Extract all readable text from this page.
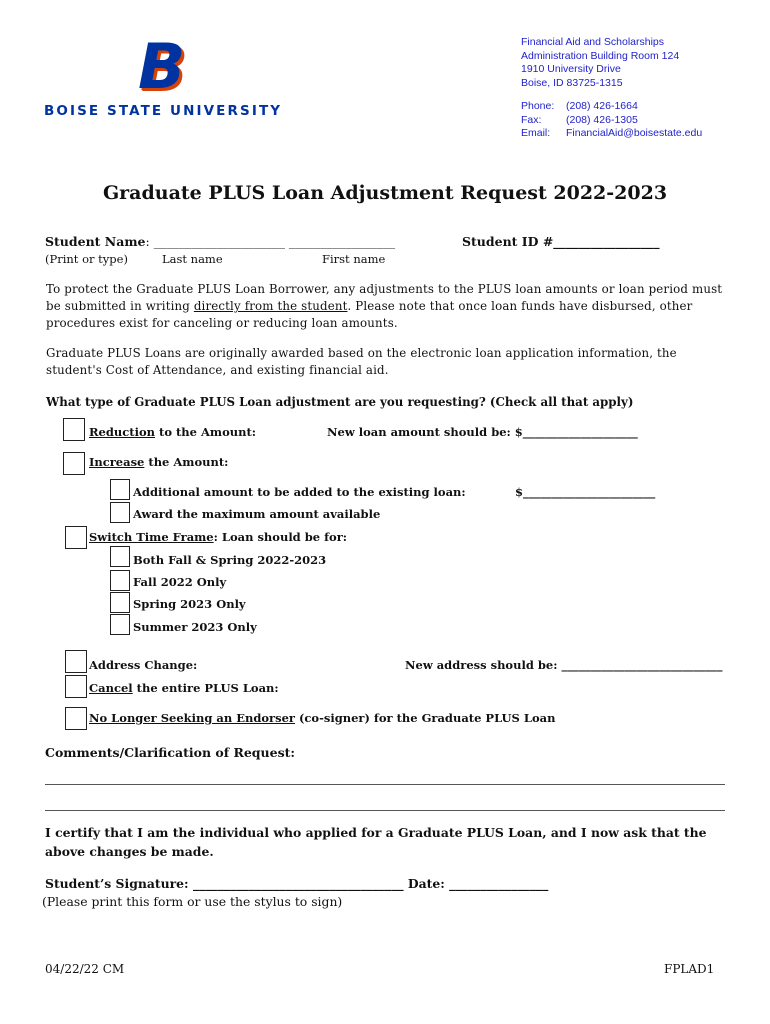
B
BOISE STATE UNIVERSITY
Financial Aid and Scholarships
Administration Building Room 124
1910 University Drive
Boise, ID 83725-1315
Phone:	(208) 426-1664
Fax:	(208) 426-1305
Email:	FinancialAid@boisestate.edu
Graduate PLUS Loan Adjustment Request 2022-2023
Student Name: _____________________ _________________	Student ID #_________________
(Print or type)	Last name	First name
To protect the Graduate PLUS Loan Borrower, any adjustments to the PLUS loan amounts or loan period must be submitted in writing directly from the student. Please note that once loan funds have disbursed, other procedures exist for canceling or reducing loan amounts.
Graduate PLUS Loans are originally awarded based on the electronic loan application information, the student's Cost of Attendance, and existing financial aid.
What type of Graduate PLUS Loan adjustment are you requesting? (Check all that apply)
Reduction to the Amount:	New loan amount should be: $____________________
Increase the Amount:
Additional amount to be added to the existing loan:	$_______________________
Award the maximum amount available
Switch Time Frame: Loan should be for:
Both Fall & Spring 2022-2023
Fall 2022 Only
Spring 2023 Only
Summer 2023 Only
Address Change:	New address should be: ____________________________
Cancel the entire PLUS Loan:
No Longer Seeking an Endorser (co-signer) for the Graduate PLUS Loan
Comments/Clarification of Request:
I certify that I am the individual who applied for a Graduate PLUS Loan, and I now ask that the above changes be made.
Student’s Signature: __________________________________ Date: ________________
(Please print this form or use the stylus to sign)
04/22/22 CM	FPLAD1
